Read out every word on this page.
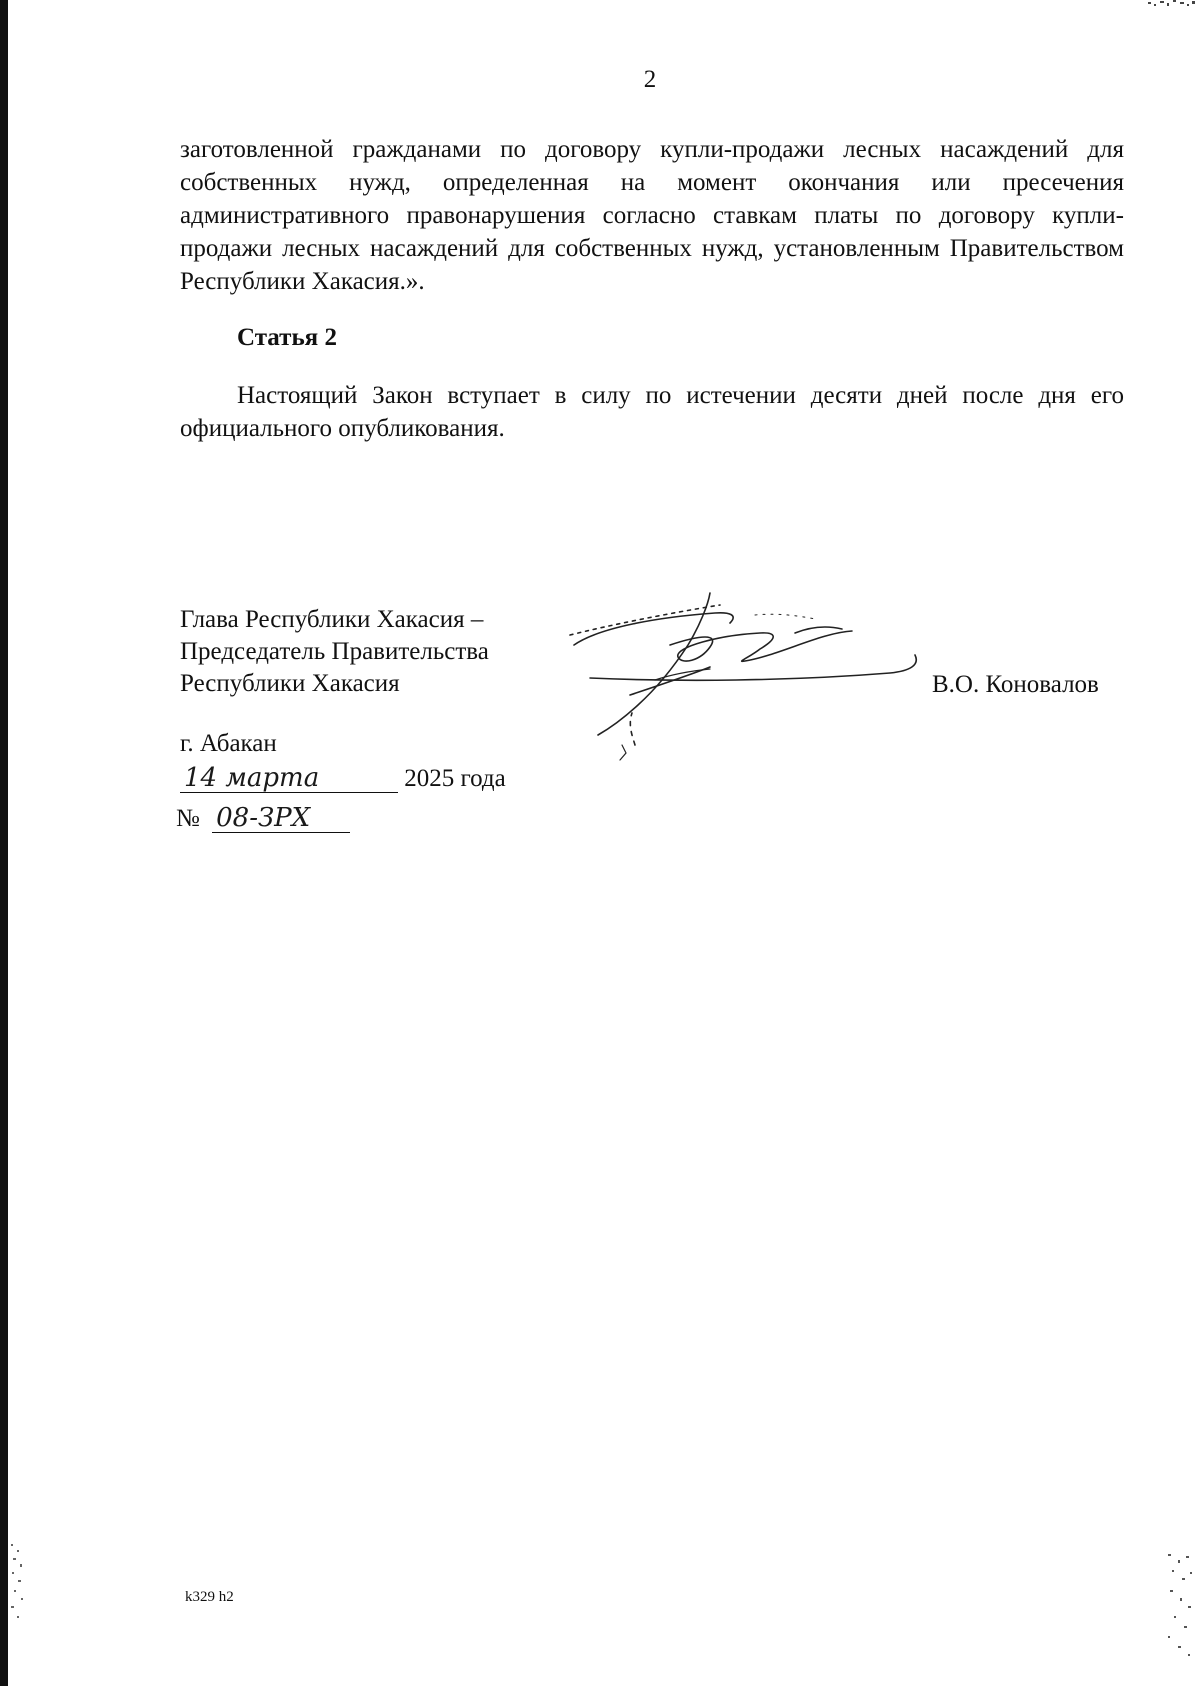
2
заготовленной гражданами по договору купли-продажи лесных насаждений для собственных нужд, определенная на момент окончания или пресечения административного правонарушения согласно ставкам платы по договору купли-продажи лесных насаждений для собственных нужд, установленным Правительством Республики Хакасия.».
Статья 2
Настоящий Закон вступает в силу по истечении десяти дней после дня его официального опубликования.
Глава Республики Хакасия –
Председатель Правительства
Республики Хакасия	В.О. Коновалов
г. Абакан
14 марта	2025 года
№ 08-ЗРХ
k329 h2
